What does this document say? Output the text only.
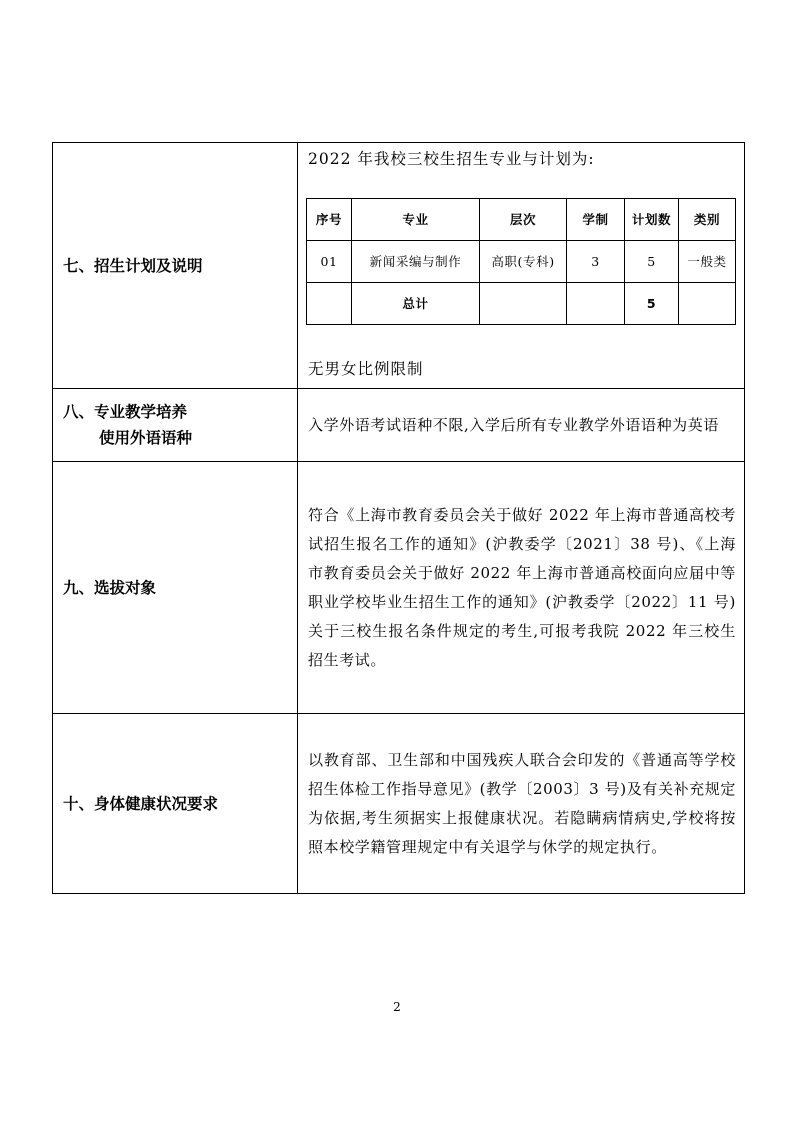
七、招生计划及说明	
2022 年我校三校生招生专业与计划为:
序号	专业	层次	学制	计划数	类别
01	新闻采编与制作	高职(专科)	3	5	一般类
	总计			5	
无男女比例限制

八、专业教学培养
使用外语语种
	入学外语考试语种不限,入学后所有专业教学外语语种为英语
九、选拔对象	符合《上海市教育委员会关于做好 2022 年上海市普通高校考试招生报名工作的通知》(沪教委学〔2021〕38 号)、《上海市教育委员会关于做好 2022 年上海市普通高校面向应届中等职业学校毕业生招生工作的通知》(沪教委学〔2022〕11 号)关于三校生报名条件规定的考生,可报考我院 2022 年三校生招生考试。
十、身体健康状况要求	以教育部、卫生部和中国残疾人联合会印发的《普通高等学校招生体检工作指导意见》(教学〔2003〕3 号)及有关补充规定为依据,考生须据实上报健康状况。若隐瞒病情病史,学校将按照本校学籍管理规定中有关退学与休学的规定执行。
2
